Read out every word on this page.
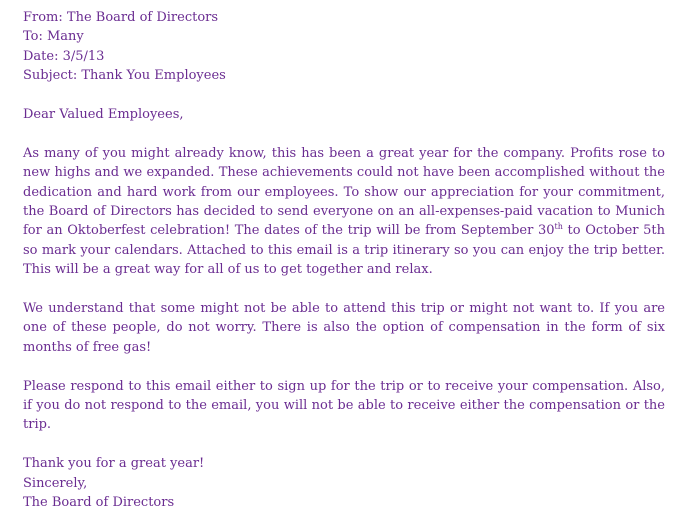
From: The Board of Directors
To: Many
Date: 3/5/13
Subject: Thank You Employees

Dear Valued Employees,

As many of you might already know, this has been a great year for the company. Profits rose to new highs and we expanded. These achievements could not have been accomplished without the dedication and hard work from our employees. To show our appreciation for your commitment, the Board of Directors has decided to send everyone on an all-expenses-paid vacation to Munich for an Oktoberfest celebration! The dates of the trip will be from September 30th to October 5th so mark your calendars. Attached to this email is a trip itinerary so you can enjoy the trip better. This will be a great way for all of us to get together and relax.

We understand that some might not be able to attend this trip or might not want to. If you are one of these people, do not worry. There is also the option of compensation in the form of six months of free gas!

Please respond to this email either to sign up for the trip or to receive your compensation. Also, if you do not respond to the email, you will not be able to receive either the compensation or the trip.

Thank you for a great year!
Sincerely,
The Board of Directors
